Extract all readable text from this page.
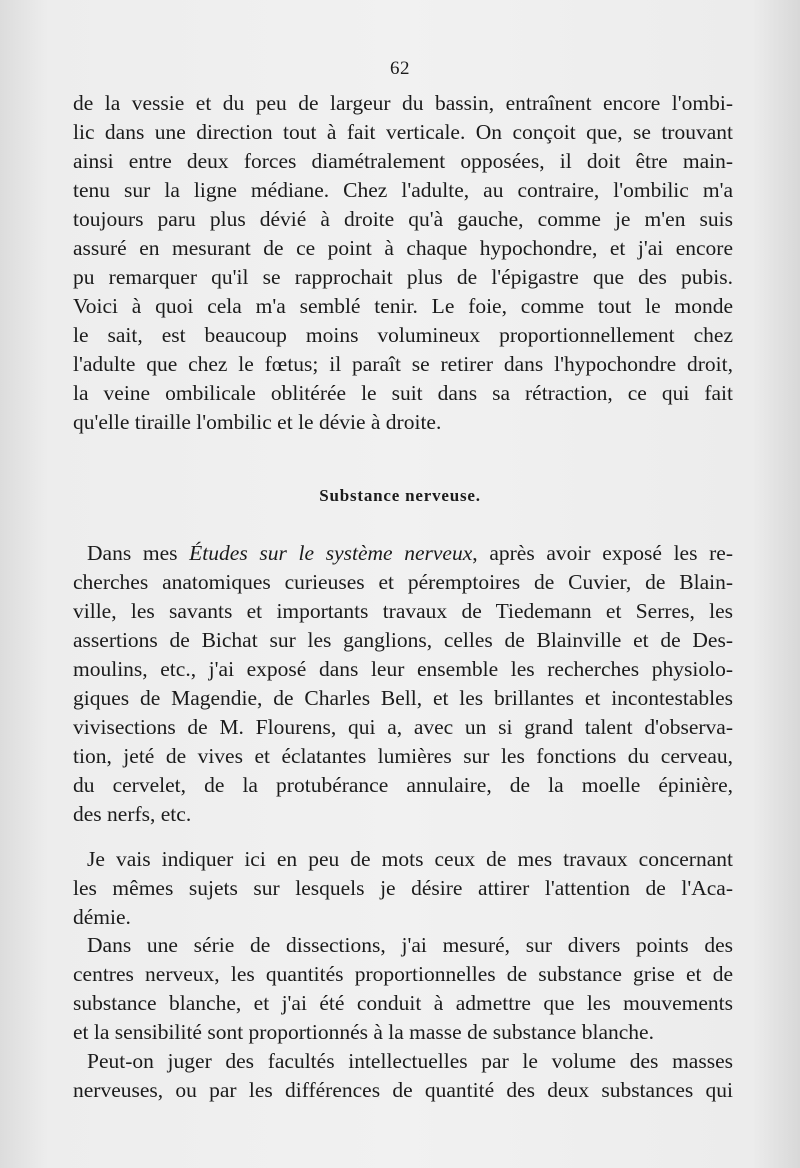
62

de la vessie et du peu de largeur du bassin, entraînent encore l'ombi-
lic dans une direction tout à fait verticale. On conçoit que, se trouvant
ainsi entre deux forces diamétralement opposées, il doit être main-
tenu sur la ligne médiane. Chez l'adulte, au contraire, l'ombilic m'a
toujours paru plus dévié à droite qu'à gauche, comme je m'en suis
assuré en mesurant de ce point à chaque hypochondre, et j'ai encore
pu remarquer qu'il se rapprochait plus de l'épigastre que des pubis.
Voici à quoi cela m'a semblé tenir. Le foie, comme tout le monde
le sait, est beaucoup moins volumineux proportionnellement chez
l'adulte que chez le fœtus; il paraît se retirer dans l'hypochondre droit,
la veine ombilicale oblitérée le suit dans sa rétraction, ce qui fait
qu'elle tiraille l'ombilic et le dévie à droite.

Substance nerveuse.

Dans mes Études sur le système nerveux, après avoir exposé les re-
cherches anatomiques curieuses et péremptoires de Cuvier, de Blain-
ville, les savants et importants travaux de Tiedemann et Serres, les
assertions de Bichat sur les ganglions, celles de Blainville et de Des-
moulins, etc., j'ai exposé dans leur ensemble les recherches physiolo-
giques de Magendie, de Charles Bell, et les brillantes et incontestables
vivisections de M. Flourens, qui a, avec un si grand talent d'observa-
tion, jeté de vives et éclatantes lumières sur les fonctions du cerveau,
du cervelet, de la protubérance annulaire, de la moelle épinière,
des nerfs, etc.

Je vais indiquer ici en peu de mots ceux de mes travaux concernant
les mêmes sujets sur lesquels je désire attirer l'attention de l'Aca-
démie.

Dans une série de dissections, j'ai mesuré, sur divers points des
centres nerveux, les quantités proportionnelles de substance grise et de
substance blanche, et j'ai été conduit à admettre que les mouvements
et la sensibilité sont proportionnés à la masse de substance blanche.

Peut-on juger des facultés intellectuelles par le volume des masses
nerveuses, ou par les différences de quantité des deux substances qui
